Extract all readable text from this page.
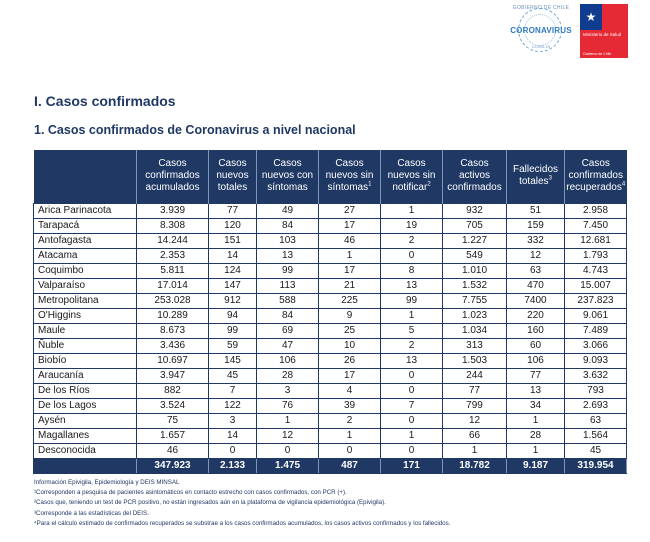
GOBIERNO DE CHILE
CORONAVIRUS
COVID-19
★
Ministerio de Salud
Gobierno de Chile
I. Casos confirmados
1. Casos confirmados de Coronavirus a nivel nacional
	Casos confirmados acumulados	Casos nuevos totales	Casos nuevos con síntomas	Casos nuevos sin síntomas$^1$	Casos nuevos sin notificar$^2$	Casos activos confirmados	Fallecidos totales$^3$	Casos confirmados recuperados$^4$
Arica Parinacota	3.939	77	49	27	1	932	51	2.958
Tarapacá	8.308	120	84	17	19	705	159	7.450
Antofagasta	14.244	151	103	46	2	1.227	332	12.681
Atacama	2.353	14	13	1	0	549	12	1.793
Coquimbo	5.811	124	99	17	8	1.010	63	4.743
Valparaíso	17.014	147	113	21	13	1.532	470	15.007
Metropolitana	253.028	912	588	225	99	7.755	7400	237.823
O'Higgins	10.289	94	84	9	1	1.023	220	9.061
Maule	8.673	99	69	25	5	1.034	160	7.489
Ñuble	3.436	59	47	10	2	313	60	3.066
Biobío	10.697	145	106	26	13	1.503	106	9.093
Araucanía	3.947	45	28	17	0	244	77	3.632
De los Ríos	882	7	3	4	0	77	13	793
De los Lagos	3.524	122	76	39	7	799	34	2.693
Aysén	75	3	1	2	0	12	1	63
Magallanes	1.657	14	12	1	1	66	28	1.564
Desconocida	46	0	0	0	0	1	1	45
	347.923	2.133	1.475	487	171	18.782	9.187	319.954
Información Epivigila, Epidemiología y DEIS MINSAL
¹Corresponden a pesquisa de pacientes asintomáticos en contacto estrecho con casos confirmados, con PCR (+).
²Casos que, teniendo un test de PCR positivo, no están ingresados aún en la plataforma de vigilancia epidemiológica (Epivigila).
³Corresponde a las estadísticas del DEIS.
⁴Para el cálculo estimado de confirmados recuperados se substrae a los casos confirmados acumulados, los casos activos confirmados y los fallecidos.
